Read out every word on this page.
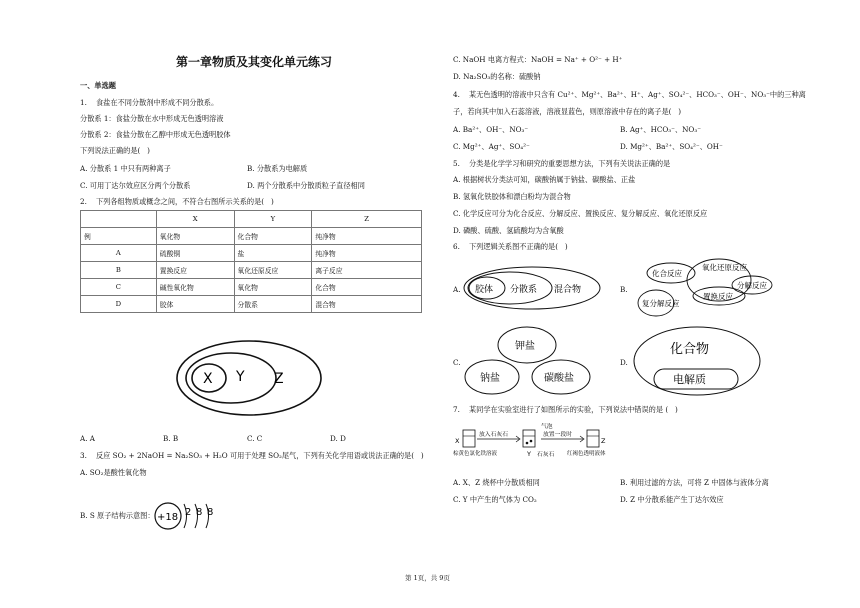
第一章物质及其变化单元练习
一、单选题
1.    食盐在不同分散剂中形成不同分散系。
分散系 1：食盐分散在水中形成无色透明溶液
分散系 2：食盐分散在乙醇中形成无色透明胶体
下列说法正确的是(   )
A. 分散系 1 中只有两种离子	B. 分散系为电解质
C. 可用丁达尔效应区分两个分散系	D. 两个分散系中分散质粒子直径相同
2.    下列各组物质或概念之间，不符合右图所示关系的是(   )
	X	Y	Z
例	氧化物	化合物	纯净物
A	硫酸铜	盐	纯净物
B	置换反应	氧化还原反应	离子反应
C	碱性氧化物	氧化物	化合物
D	胶体	分散系	混合物
X Y Z
A. A	B. B	C. C	D. D
3.    反应 SO₂ + 2NaOH = Na₂SO₃ + H₂O 可用于处理 SO₂尾气，下列有关化学用语或说法正确的是(   )
A. SO₂是酸性氧化物
B. S 原子结构示意图： +18 2 8 8
C. NaOH 电离方程式：NaOH = Na⁺ + O²⁻ + H⁺
D. Na₂SO₃的名称：硫酸钠
4.    某无色透明的溶液中只含有 Cu²⁺、Mg²⁺、Ba²⁺、H⁺、Ag⁺、SO₄²⁻、HCO₃⁻、OH⁻、NO₃⁻中的三种离
子，若向其中加入石蕊溶液，溶液显蓝色，则原溶液中存在的离子是(   )
A. Ba²⁺、OH⁻、NO₃⁻	B. Ag⁺、HCO₃⁻、NO₃⁻
C. Mg²⁺、Ag⁺、SO₄²⁻	D. Mg²⁺、Ba²⁺、SO₄²⁻、OH⁻
5.    分类是化学学习和研究的重要思想方法，下列有关说法正确的是
A. 根据树状分类法可知，碳酸钠属于钠盐、碳酸盐、正盐
B. 氢氧化铁胶体和漂白粉均为混合物
C. 化学反应可分为化合反应、分解反应、置换反应、复分解反应、氧化还原反应
D. 磷酸、硫酸、氢硫酸均为含氧酸
6.    下列逻辑关系图不正确的是(   )
A. 胶体 分散系 混合物	B.
化合反应
氧化还原反应
分解反应
复分解反应
置换反应
C.
钾盐
钠盐	碳酸盐
D.
化合物
电解质
7.    某同学在实验室进行了如图所示的实验，下列说法中错误的是 (   )
X
Y
Z
放入石灰石
气泡
放置一段时
棕黄色氯化铁溶液	石灰石 红褐色透明液体
A. X、Z 烧杯中分散质相同	B. 利用过滤的方法，可将 Z 中固体与液体分离
C. Y 中产生的气体为 CO₂	D. Z 中分散系能产生丁达尔效应
第 1页，共 9页
